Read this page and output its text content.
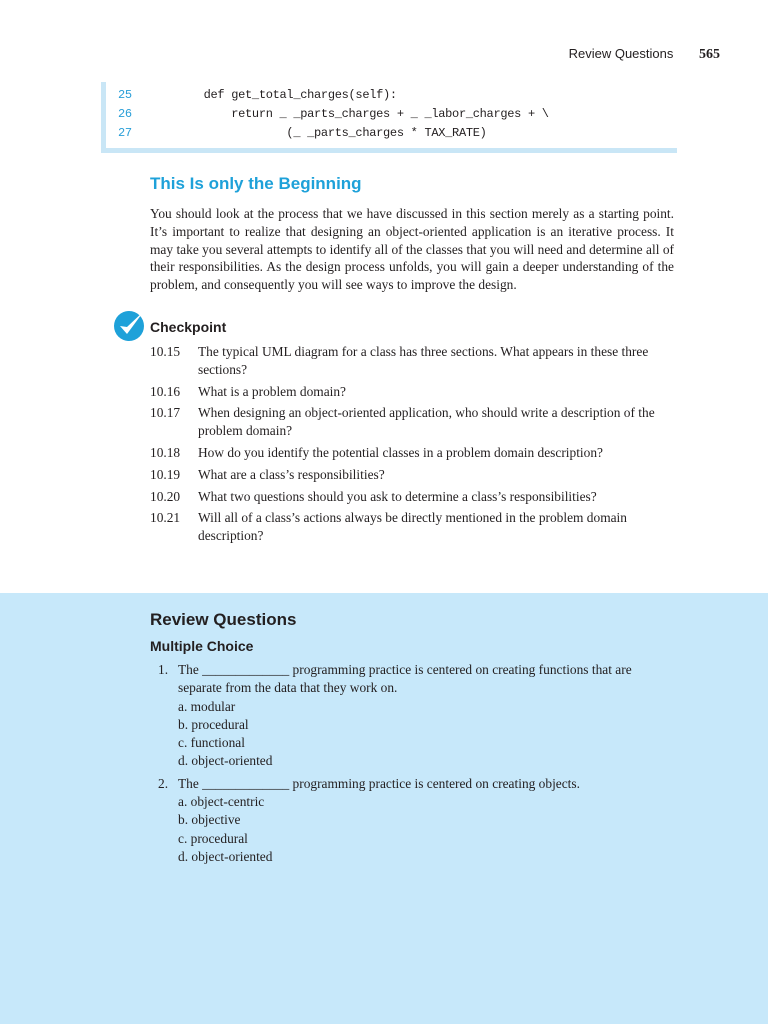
Review Questions 565
25	def get_total_charges(self):
26	return _ _parts_charges + _ _labor_charges + \
27	(_ _parts_charges * TAX_RATE)
This Is only the Beginning

You should look at the process that we have discussed in this section merely as a starting point. It’s important to realize that designing an object-oriented application is an iterative process. It may take you several attempts to identify all of the classes that you will need and determine all of their responsibilities. As the design process unfolds, you will gain a deeper understanding of the problem, and consequently you will see ways to improve the design.

Checkpoint
10.15 The typical UML diagram for a class has three sections. What appears in these three sections?
10.16 What is a problem domain?
10.17 When designing an object-oriented application, who should write a description of the problem domain?
10.18 How do you identify the potential classes in a problem domain description?
10.19 What are a class’s responsibilities?
10.20 What two questions should you ask to determine a class’s responsibilities?
10.21 Will all of a class’s actions always be directly mentioned in the problem domain description?
Review Questions
Multiple Choice
1. The _____________ programming practice is centered on creating functions that are separate from the data that they work on.
a. modular
b. procedural
c. functional
d. object-oriented
2. The _____________ programming practice is centered on creating objects.
a. object-centric
b. objective
c. procedural
d. object-oriented
